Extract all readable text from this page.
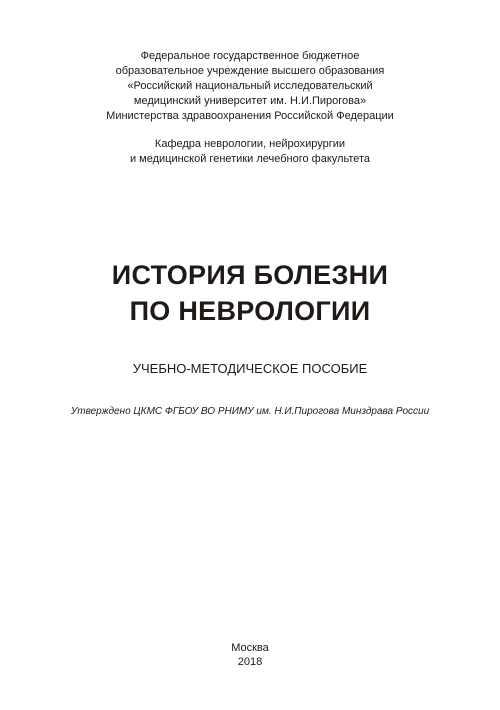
Федеральное государственное бюджетное
образовательное учреждение высшего образования
«Российский национальный исследовательский
медицинский университет им. Н.И.Пирогова»
Министерства здравоохранения Российской Федерации
Кафедра неврологии, нейрохирургии
и медицинской генетики лечебного факультета
ИСТОРИЯ БОЛЕЗНИ
ПО НЕВРОЛОГИИ
УЧЕБНО-МЕТОДИЧЕСКОЕ ПОСОБИЕ
Утверждено ЦКМС ФГБОУ ВО РНИМУ им. Н.И.Пирогова Минздрава России
Москва
2018
